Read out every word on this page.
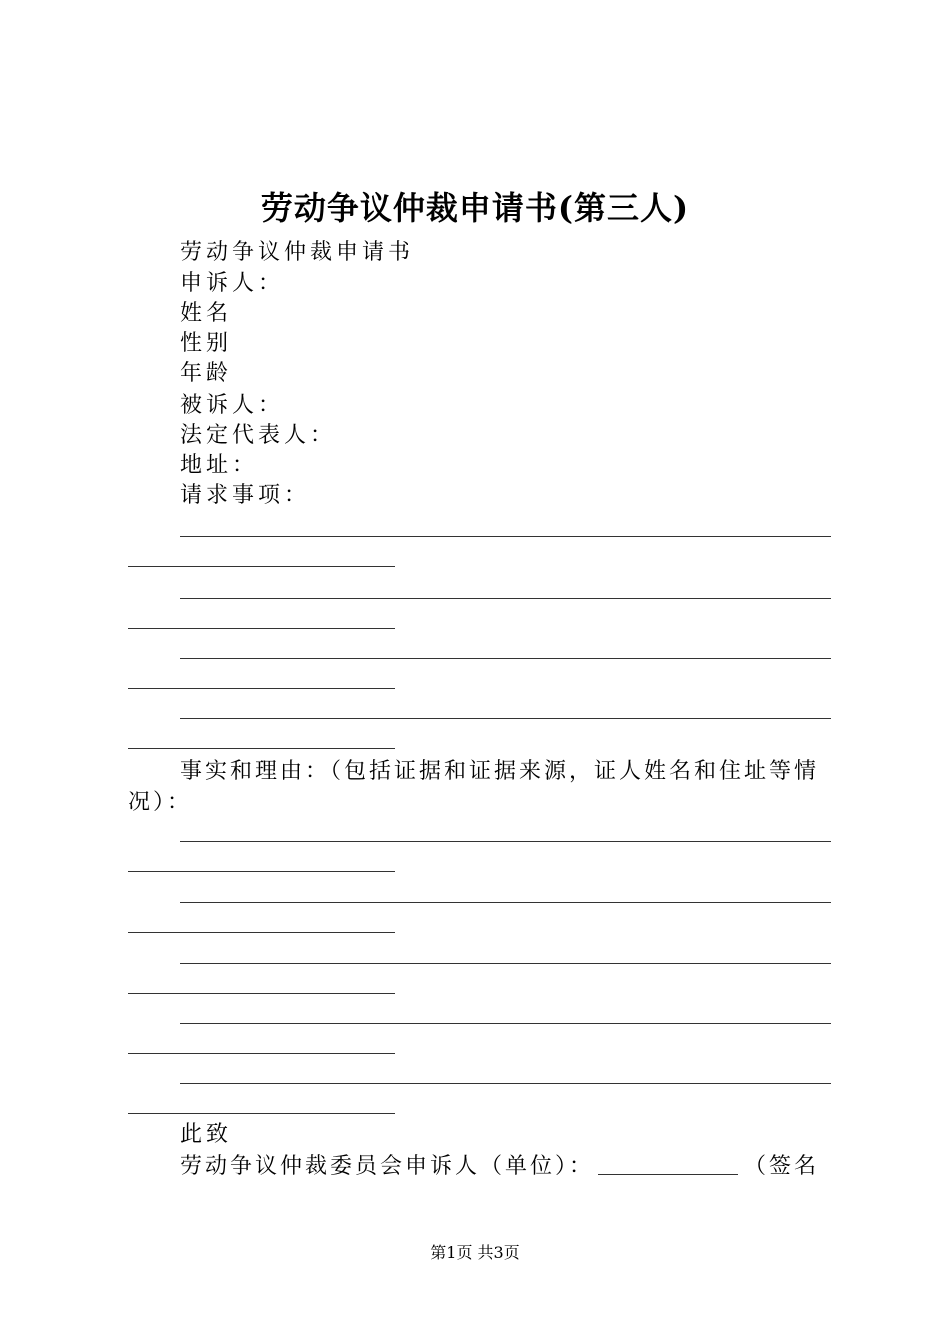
劳动争议仲裁申请书(第三人)
劳动争议仲裁申请书
申诉人：
姓名
性别
年龄
被诉人：
法定代表人：
地址：
请求事项：
事实和理由：（包括证据和证据来源，证人姓名和住址等情况）：
此致
劳动争议仲裁委员会申诉人（单位）：	（签名
第1页 共3页
